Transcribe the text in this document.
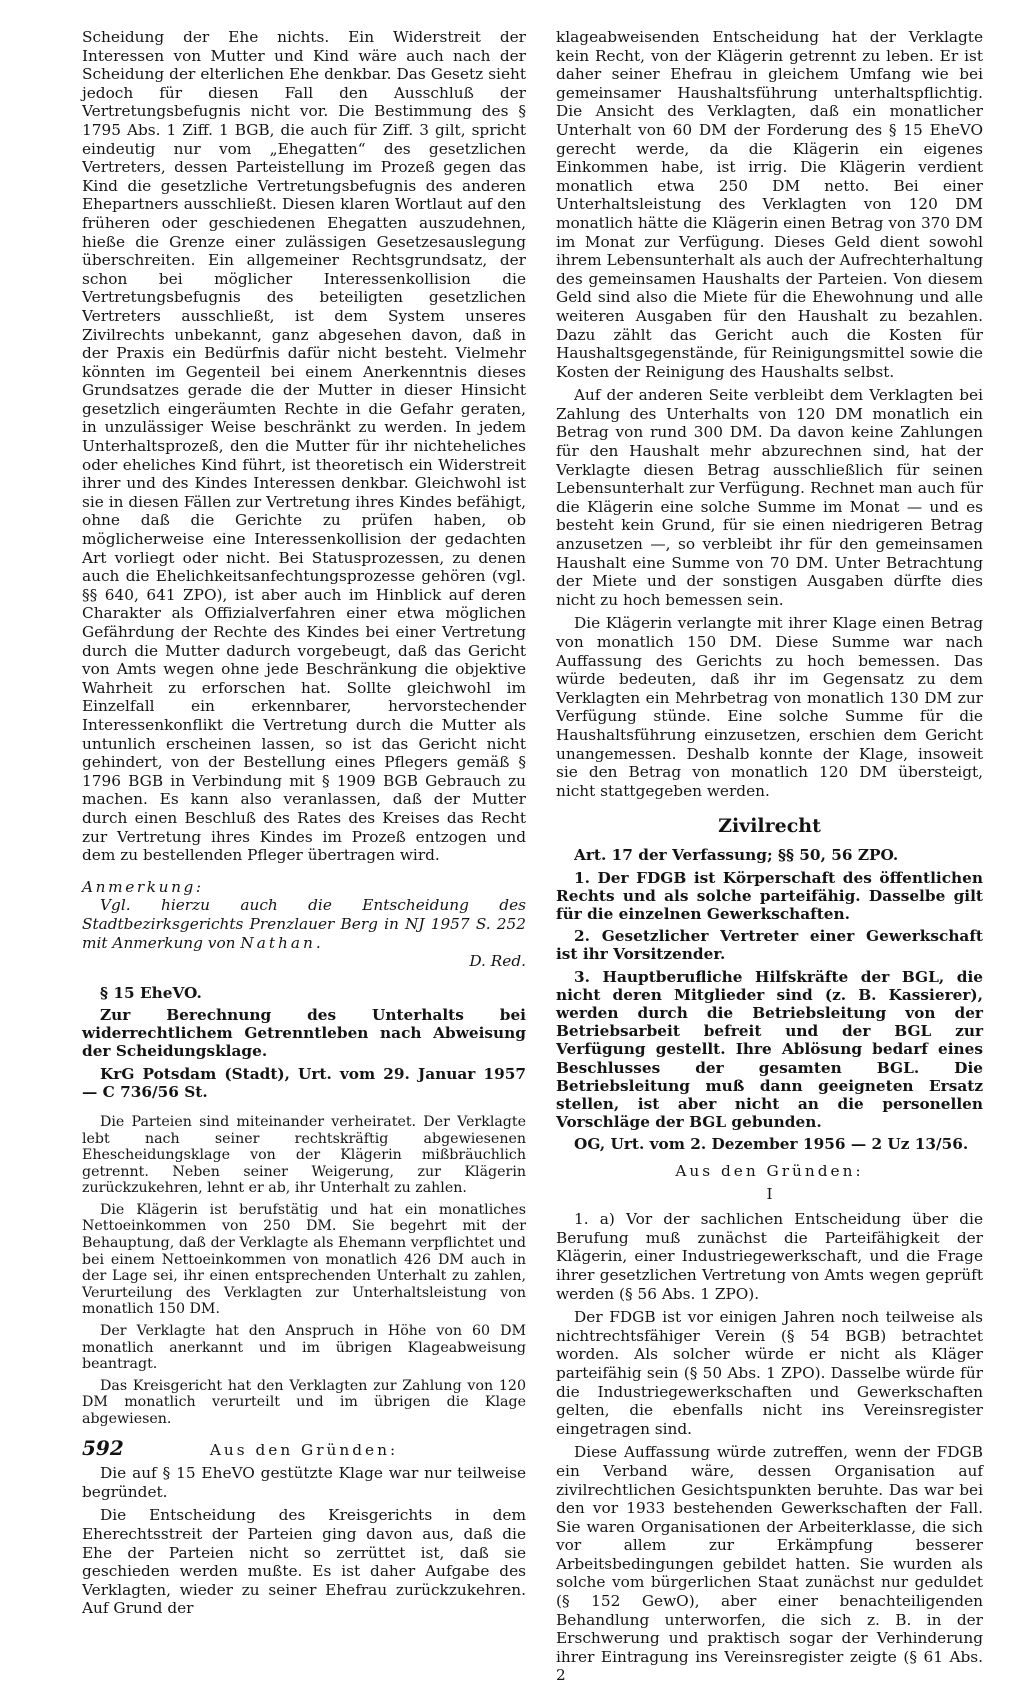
Scheidung der Ehe nichts. Ein Widerstreit der Interessen von Mutter und Kind wäre auch nach der Scheidung der elterlichen Ehe denkbar. Das Gesetz sieht jedoch für diesen Fall den Ausschluß der Vertretungsbefugnis nicht vor. Die Bestimmung des § 1795 Abs. 1 Ziff. 1 BGB, die auch für Ziff. 3 gilt, spricht eindeutig nur vom „Ehegatten“ des gesetzlichen Vertreters, dessen Parteistellung im Prozeß gegen das Kind die gesetzliche Vertretungsbefugnis des anderen Ehepartners ausschließt. Diesen klaren Wortlaut auf den früheren oder geschiedenen Ehegatten auszudehnen, hieße die Grenze einer zulässigen Gesetzesauslegung überschreiten. Ein allgemeiner Rechtsgrundsatz, der schon bei möglicher Interessenkollision die Vertretungsbefugnis des beteiligten gesetzlichen Vertreters ausschließt, ist dem System unseres Zivilrechts unbekannt, ganz abgesehen davon, daß in der Praxis ein Bedürfnis dafür nicht besteht. Vielmehr könnten im Gegenteil bei einem Anerkenntnis dieses Grundsatzes gerade die der Mutter in dieser Hinsicht gesetzlich eingeräumten Rechte in die Gefahr geraten, in unzulässiger Weise beschränkt zu werden. In jedem Unterhaltsprozeß, den die Mutter für ihr nichteheliches oder eheliches Kind führt, ist theoretisch ein Widerstreit ihrer und des Kindes Interessen denkbar. Gleichwohl ist sie in diesen Fällen zur Vertretung ihres Kindes befähigt, ohne daß die Gerichte zu prüfen haben, ob möglicherweise eine Interessenkollision der gedachten Art vorliegt oder nicht. Bei Statusprozessen, zu denen auch die Ehelichkeitsanfechtungsprozesse gehören (vgl. §§ 640, 641 ZPO), ist aber auch im Hinblick auf deren Charakter als Offizialverfahren einer etwa möglichen Gefährdung der Rechte des Kindes bei einer Vertretung durch die Mutter dadurch vorgebeugt, daß das Gericht von Amts wegen ohne jede Beschränkung die objektive Wahrheit zu erforschen hat. Sollte gleichwohl im Einzelfall ein erkennbarer, hervorstechender Interessenkonflikt die Vertretung durch die Mutter als untunlich erscheinen lassen, so ist das Gericht nicht gehindert, von der Bestellung eines Pflegers gemäß § 1796 BGB in Verbindung mit § 1909 BGB Gebrauch zu machen. Es kann also veranlassen, daß der Mutter durch einen Beschluß des Rates des Kreises das Recht zur Vertretung ihres Kindes im Prozeß entzogen und dem zu bestellenden Pfleger übertragen wird.

Anmerkung:

Vgl. hierzu auch die Entscheidung des Stadtbezirksgerichts Prenzlauer Berg in NJ 1957 S. 252 mit Anmerkung von Nathan.
D. Red.

§ 15 EheVO.

Zur Berechnung des Unterhalts bei widerrechtlichem Getrenntleben nach Abweisung der Scheidungsklage.

KrG Potsdam (Stadt), Urt. vom 29. Januar 1957 — C 736/56 St.

Die Parteien sind miteinander verheiratet. Der Verklagte lebt nach seiner rechtskräftig abgewiesenen Ehescheidungsklage von der Klägerin mißbräuchlich getrennt. Neben seiner Weigerung, zur Klägerin zurückzukehren, lehnt er ab, ihr Unterhalt zu zahlen.

Die Klägerin ist berufstätig und hat ein monatliches Nettoeinkommen von 250 DM. Sie begehrt mit der Behauptung, daß der Verklagte als Ehemann verpflichtet und bei einem Nettoeinkommen von monatlich 426 DM auch in der Lage sei, ihr einen entsprechenden Unterhalt zu zahlen, Verurteilung des Verklagten zur Unterhaltsleistung von monatlich 150 DM.

Der Verklagte hat den Anspruch in Höhe von 60 DM monatlich anerkannt und im übrigen Klageabweisung beantragt.

Das Kreisgericht hat den Verklagten zur Zahlung von 120 DM monatlich verurteilt und im übrigen die Klage abgewiesen.

Aus den Gründen:

Die auf § 15 EheVO gestützte Klage war nur teilweise begründet.

Die Entscheidung des Kreisgerichts in dem Eherechtsstreit der Parteien ging davon aus, daß die Ehe der Parteien nicht so zerrüttet ist, daß sie geschieden werden mußte. Es ist daher Aufgabe des Verklagten, wieder zu seiner Ehefrau zurückzukehren. Auf Grund der

klageabweisenden Entscheidung hat der Verklagte kein Recht, von der Klägerin getrennt zu leben. Er ist daher seiner Ehefrau in gleichem Umfang wie bei gemeinsamer Haushaltsführung unterhaltspflichtig. Die Ansicht des Verklagten, daß ein monatlicher Unterhalt von 60 DM der Forderung des § 15 EheVO gerecht werde, da die Klägerin ein eigenes Einkommen habe, ist irrig. Die Klägerin verdient monatlich etwa 250 DM netto. Bei einer Unterhaltsleistung des Verklagten von 120 DM monatlich hätte die Klägerin einen Betrag von 370 DM im Monat zur Verfügung. Dieses Geld dient sowohl ihrem Lebensunterhalt als auch der Aufrechterhaltung des gemeinsamen Haushalts der Parteien. Von diesem Geld sind also die Miete für die Ehewohnung und alle weiteren Ausgaben für den Haushalt zu bezahlen. Dazu zählt das Gericht auch die Kosten für Haushaltsgegenstände, für Reinigungsmittel sowie die Kosten der Reinigung des Haushalts selbst.

Auf der anderen Seite verbleibt dem Verklagten bei Zahlung des Unterhalts von 120 DM monatlich ein Betrag von rund 300 DM. Da davon keine Zahlungen für den Haushalt mehr abzurechnen sind, hat der Verklagte diesen Betrag ausschließlich für seinen Lebensunterhalt zur Verfügung. Rechnet man auch für die Klägerin eine solche Summe im Monat — und es besteht kein Grund, für sie einen niedrigeren Betrag anzusetzen —, so verbleibt ihr für den gemeinsamen Haushalt eine Summe von 70 DM. Unter Betrachtung der Miete und der sonstigen Ausgaben dürfte dies nicht zu hoch bemessen sein.

Die Klägerin verlangte mit ihrer Klage einen Betrag von monatlich 150 DM. Diese Summe war nach Auffassung des Gerichts zu hoch bemessen. Das würde bedeuten, daß ihr im Gegensatz zu dem Verklagten ein Mehrbetrag von monatlich 130 DM zur Verfügung stünde. Eine solche Summe für die Haushaltsführung einzusetzen, erschien dem Gericht unangemessen. Deshalb konnte der Klage, insoweit sie den Betrag von monatlich 120 DM übersteigt, nicht stattgegeben werden.

Zivilrecht

Art. 17 der Verfassung; §§ 50, 56 ZPO.

1. Der FDGB ist Körperschaft des öffentlichen Rechts und als solche parteifähig. Dasselbe gilt für die einzelnen Gewerkschaften.

2. Gesetzlicher Vertreter einer Gewerkschaft ist ihr Vorsitzender.

3. Hauptberufliche Hilfskräfte der BGL, die nicht deren Mitglieder sind (z. B. Kassierer), werden durch die Betriebsleitung von der Betriebsarbeit befreit und der BGL zur Verfügung gestellt. Ihre Ablösung bedarf eines Beschlusses der gesamten BGL. Die Betriebsleitung muß dann geeigneten Ersatz stellen, ist aber nicht an die personellen Vorschläge der BGL gebunden.

OG, Urt. vom 2. Dezember 1956 — 2 Uz 13/56.

Aus den Gründen:

I

1. a) Vor der sachlichen Entscheidung über die Berufung muß zunächst die Parteifähigkeit der Klägerin, einer Industriegewerkschaft, und die Frage ihrer gesetzlichen Vertretung von Amts wegen geprüft werden (§ 56 Abs. 1 ZPO).

Der FDGB ist vor einigen Jahren noch teilweise als nichtrechtsfähiger Verein (§ 54 BGB) betrachtet worden. Als solcher würde er nicht als Kläger parteifähig sein (§ 50 Abs. 1 ZPO). Dasselbe würde für die Industriegewerkschaften und Gewerkschaften gelten, die ebenfalls nicht ins Vereinsregister eingetragen sind.

Diese Auffassung würde zutreffen, wenn der FDGB ein Verband wäre, dessen Organisation auf zivilrechtlichen Gesichtspunkten beruhte. Das war bei den vor 1933 bestehenden Gewerkschaften der Fall. Sie waren Organisationen der Arbeiterklasse, die sich vor allem zur Erkämpfung besserer Arbeitsbedingungen gebildet hatten. Sie wurden als solche vom bürgerlichen Staat zunächst nur geduldet (§ 152 GewO), aber einer benachteiligenden Behandlung unterworfen, die sich z. B. in der Erschwerung und praktisch sogar der Verhinderung ihrer Eintragung ins Vereinsregister zeigte (§ 61 Abs. 2

592
